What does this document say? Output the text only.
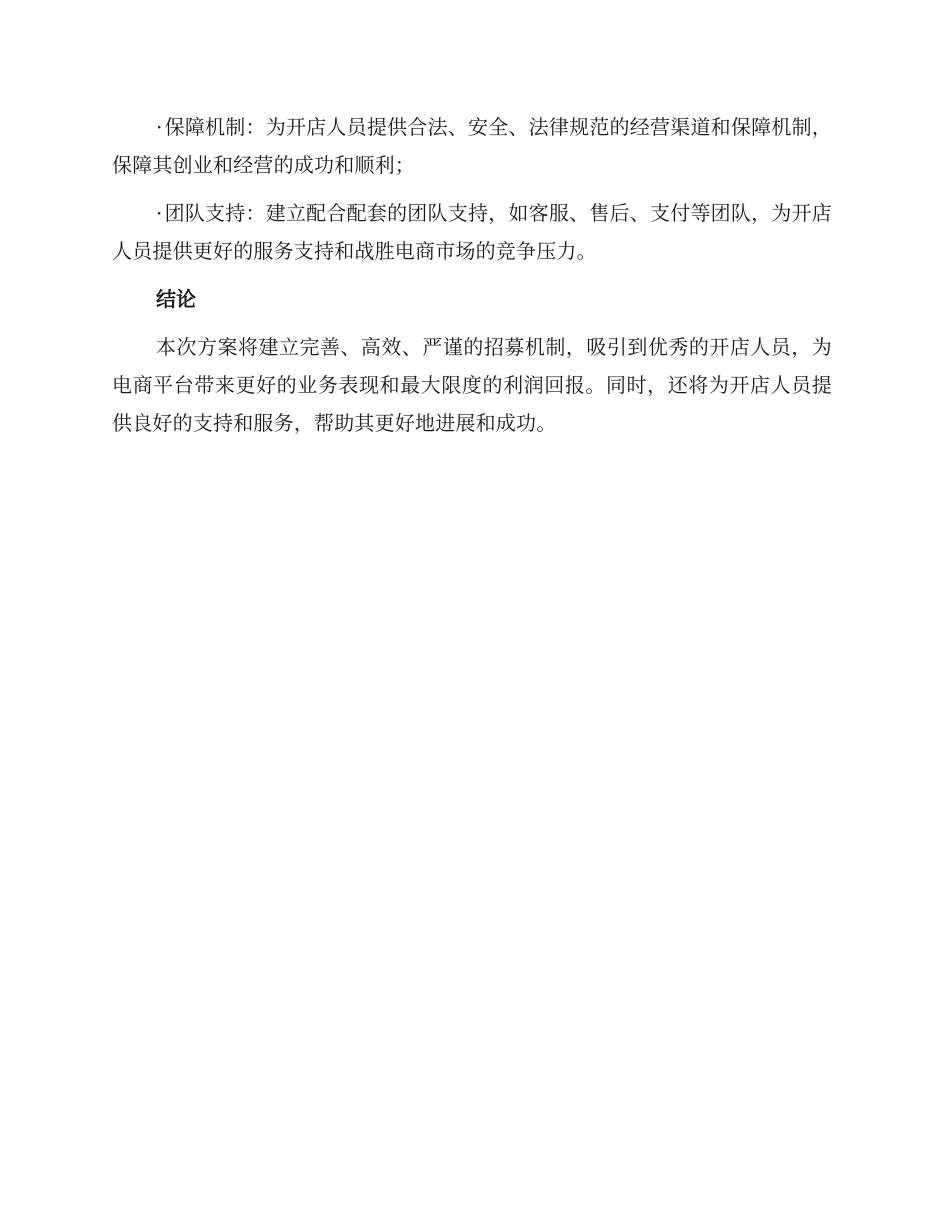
· 保障机制：为开店人员提供合法、安全、法律规范的经营渠道和保障机制，保障其创业和经营的成功和顺利；

· 团队支持：建立配合配套的团队支持，如客服、售后、支付等团队，为开店人员提供更好的服务支持和战胜电商市场的竞争压力。

结论

本次方案将建立完善、高效、严谨的招募机制，吸引到优秀的开店人员，为电商平台带来更好的业务表现和最大限度的利润回报。同时，还将为开店人员提供良好的支持和服务，帮助其更好地进展和成功。
